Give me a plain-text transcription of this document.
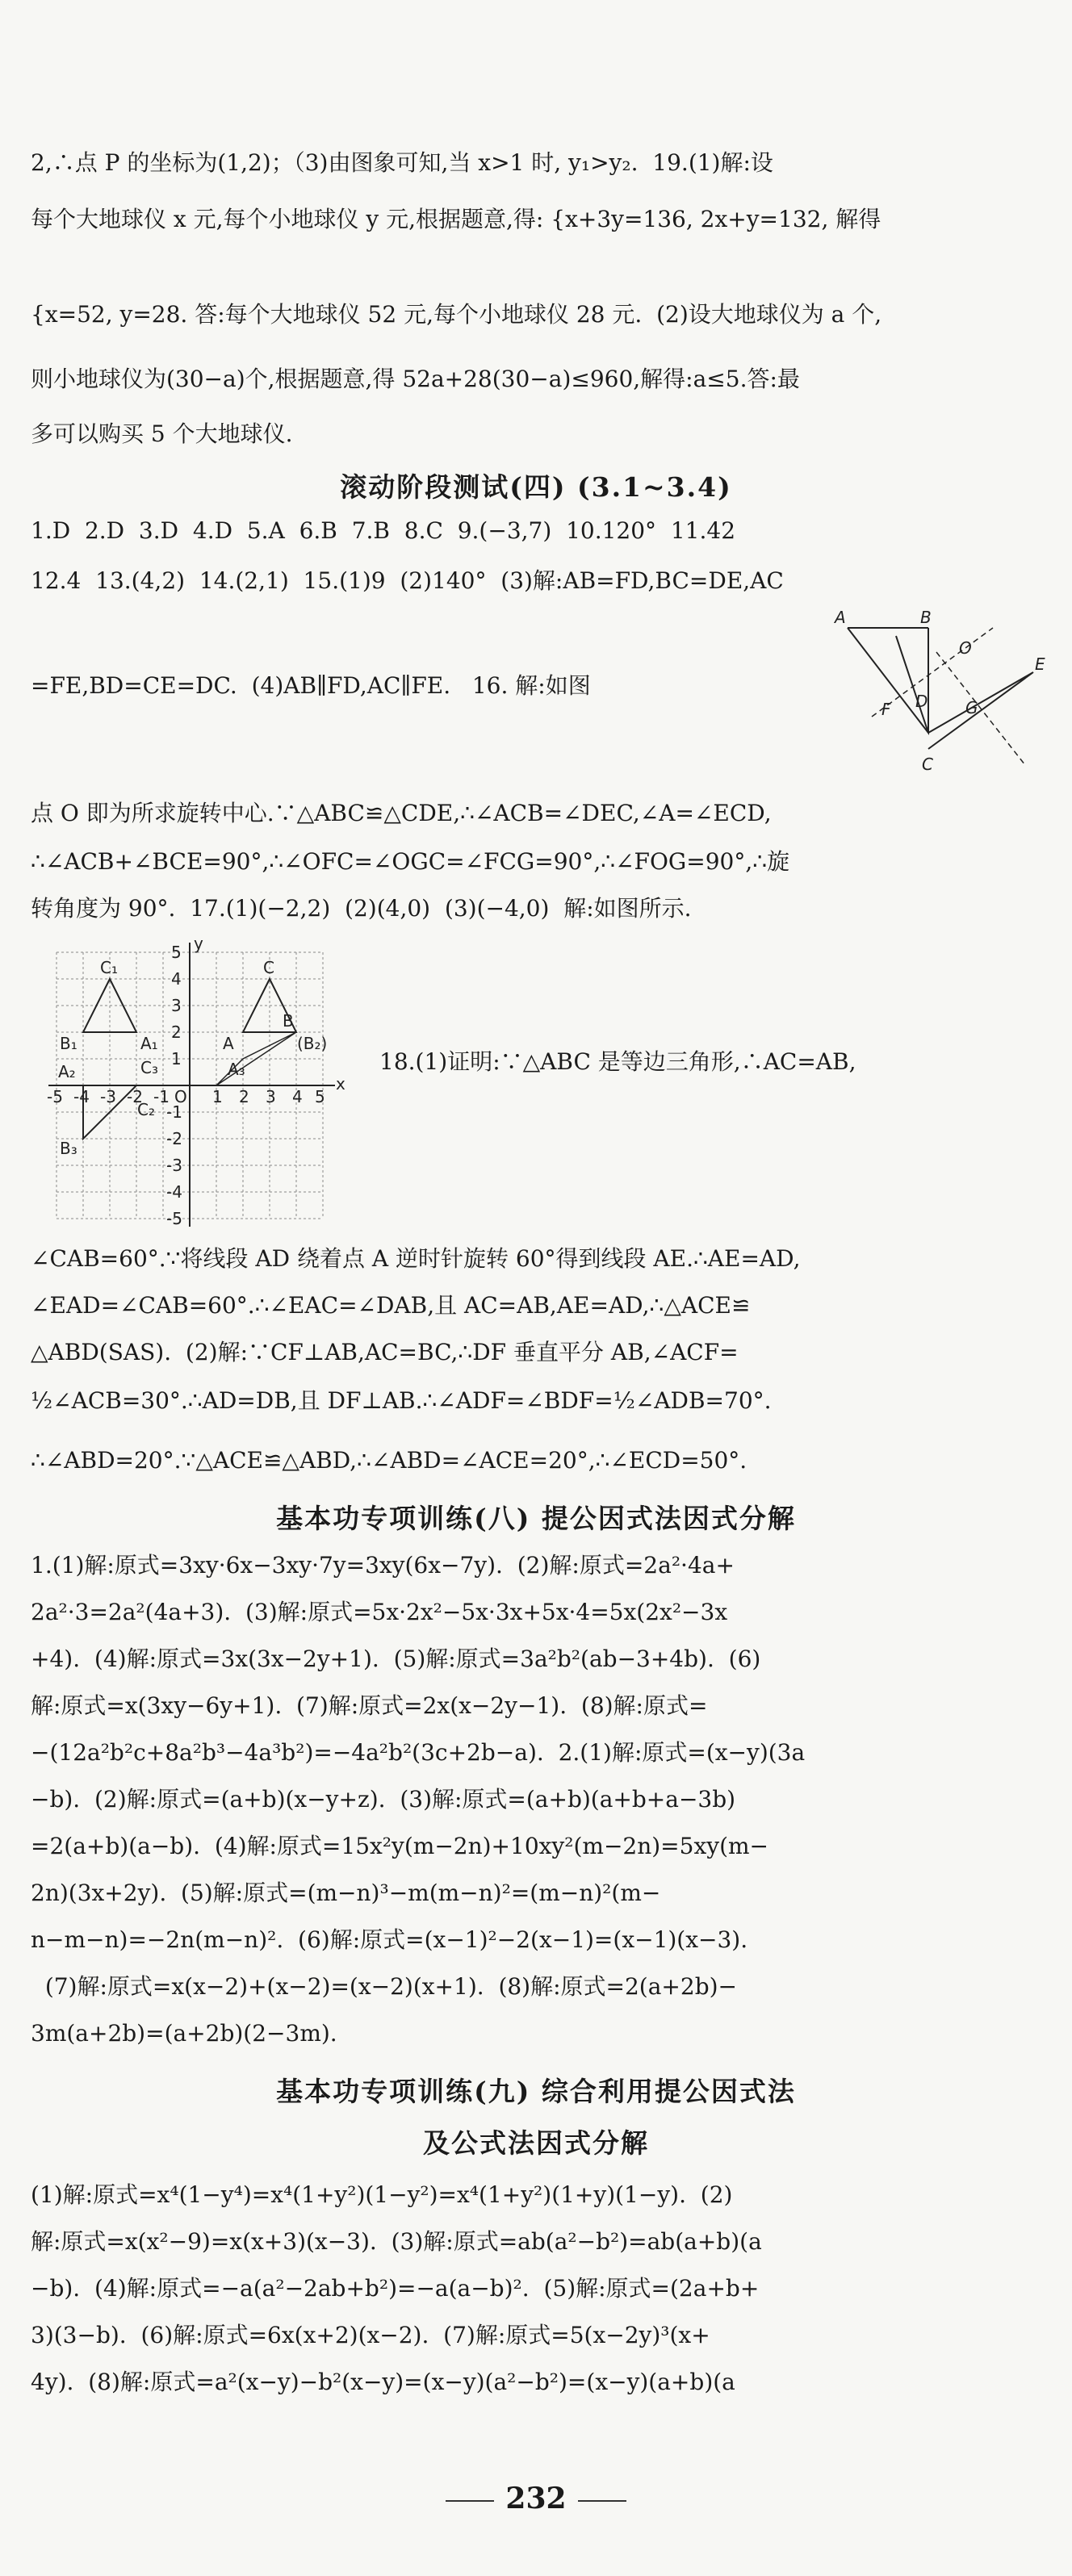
2,∴点 P 的坐标为(1,2)；（3)由图象可知,当 x>1 时, y₁>y₂.  19.(1)解:设

每个大地球仪 x 元,每个小地球仪 y 元,根据题意,得: {x+3y=136, 2x+y=132, 解得

{x=52, y=28. 答:每个大地球仪 52 元,每个小地球仪 28 元.  (2)设大地球仪为 a 个,

则小地球仪为(30−a)个,根据题意,得 52a+28(30−a)≤960,解得:a≤5.答:最

多可以购买 5 个大地球仪.

滚动阶段测试(四) (3.1~3.4)

1.D  2.D  3.D  4.D  5.A  6.B  7.B  8.C  9.(−3,7)  10.120°  11.42

12.4  13.(4,2)  14.(2,1)  15.(1)9  (2)140°  (3)解:AB=FD,BC=DE,AC

=FE,BD=CE=DC.  (4)AB∥FD,AC∥FE.   16. 解:如图

A	B
O
E
F D G
C

点 O 即为所求旋转中心.∵△ABC≌△CDE,∴∠ACB=∠DEC,∠A=∠ECD,

∴∠ACB+∠BCE=90°,∴∠OFC=∠OGC=∠FCG=90°,∴∠FOG=90°,∴旋

转角度为 90°.  17.(1)(−2,2)  (2)(4,0)  (3)(−4,0)  解:如图所示.

x
y
-5 -4 -3 -2 -1 O 1 2 3 4 5
5
4
3
2
1
-1
-2
-3
-4
-5
C₁	C
B₁	A₁	A
B
(B₂)
A₂
C₂
A₃
C₃
B₃

18.(1)证明:∵△ABC 是等边三角形,∴AC=AB,

∠CAB=60°.∵将线段 AD 绕着点 A 逆时针旋转 60°得到线段 AE.∴AE=AD,

∠EAD=∠CAB=60°.∴∠EAC=∠DAB,且 AC=AB,AE=AD,∴△ACE≌

△ABD(SAS).  (2)解:∵CF⊥AB,AC=BC,∴DF 垂直平分 AB,∠ACF=

½∠ACB=30°.∴AD=DB,且 DF⊥AB.∴∠ADF=∠BDF=½∠ADB=70°.

∴∠ABD=20°.∵△ACE≌△ABD,∴∠ABD=∠ACE=20°,∴∠ECD=50°.

基本功专项训练(八) 提公因式法因式分解

1.(1)解:原式=3xy·6x−3xy·7y=3xy(6x−7y).  (2)解:原式=2a²·4a+

2a²·3=2a²(4a+3).  (3)解:原式=5x·2x²−5x·3x+5x·4=5x(2x²−3x

+4).  (4)解:原式=3x(3x−2y+1).  (5)解:原式=3a²b²(ab−3+4b).  (6)

解:原式=x(3xy−6y+1).  (7)解:原式=2x(x−2y−1).  (8)解:原式=

−(12a²b²c+8a²b³−4a³b²)=−4a²b²(3c+2b−a).  2.(1)解:原式=(x−y)(3a

−b).  (2)解:原式=(a+b)(x−y+z).  (3)解:原式=(a+b)(a+b+a−3b)

=2(a+b)(a−b).  (4)解:原式=15x²y(m−2n)+10xy²(m−2n)=5xy(m−

2n)(3x+2y).  (5)解:原式=(m−n)³−m(m−n)²=(m−n)²(m−

n−m−n)=−2n(m−n)².  (6)解:原式=(x−1)²−2(x−1)=(x−1)(x−3).

(7)解:原式=x(x−2)+(x−2)=(x−2)(x+1).  (8)解:原式=2(a+2b)−

3m(a+2b)=(a+2b)(2−3m).

基本功专项训练(九) 综合利用提公因式法
及公式法因式分解

(1)解:原式=x⁴(1−y⁴)=x⁴(1+y²)(1−y²)=x⁴(1+y²)(1+y)(1−y).  (2)

解:原式=x(x²−9)=x(x+3)(x−3).  (3)解:原式=ab(a²−b²)=ab(a+b)(a

−b).  (4)解:原式=−a(a²−2ab+b²)=−a(a−b)².  (5)解:原式=(2a+b+

3)(3−b).  (6)解:原式=6x(x+2)(x−2).  (7)解:原式=5(x−2y)³(x+

4y).  (8)解:原式=a²(x−y)−b²(x−y)=(x−y)(a²−b²)=(x−y)(a+b)(a

232
